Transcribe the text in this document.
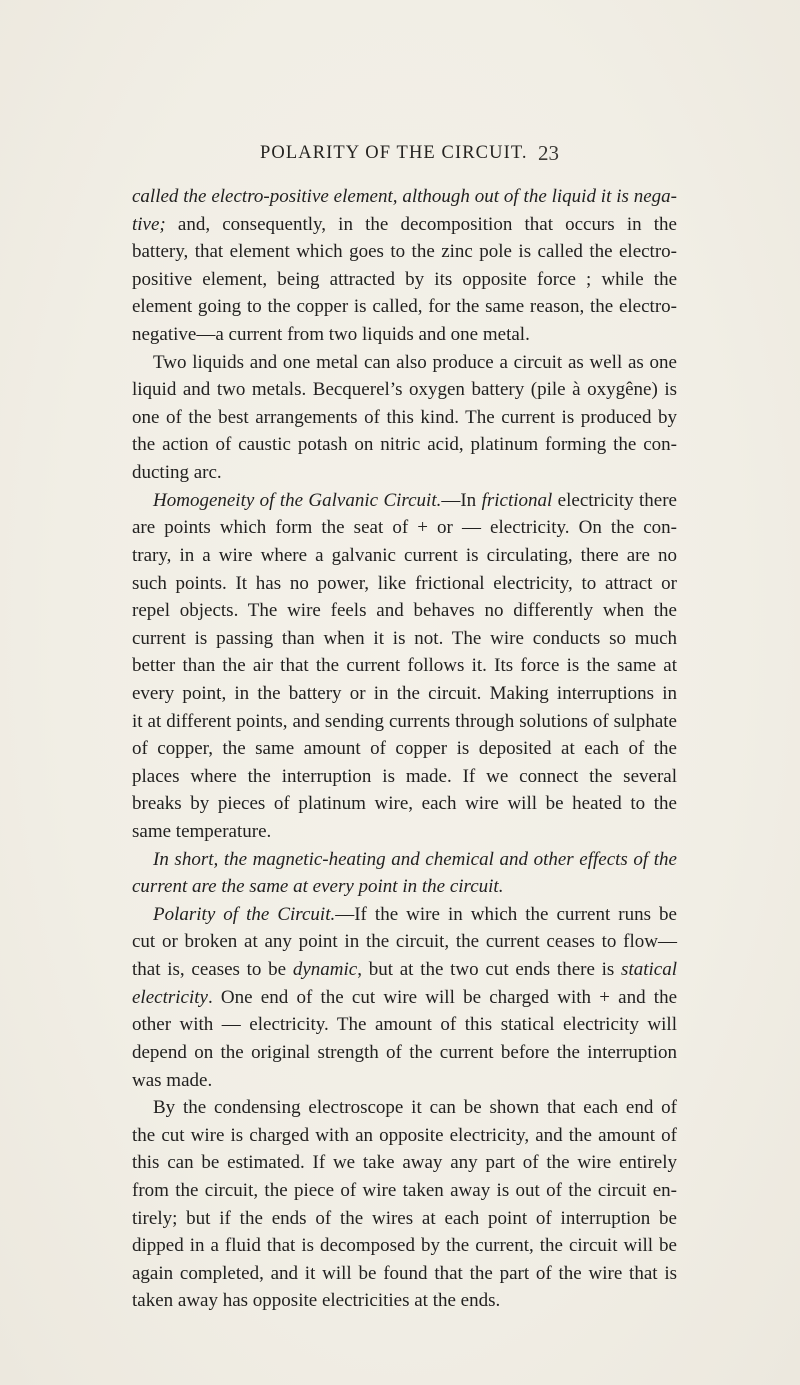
POLARITY OF THE CIRCUIT. 23
called the electro-positive element, although out of the liquid it is nega-
tive; and, consequently, in the decomposition that occurs in the
battery, that element which goes to the zinc pole is called the electro-
positive element, being attracted by its opposite force ; while the
element going to the copper is called, for the same reason, the electro-
negative—a current from two liquids and one metal.
Two liquids and one metal can also produce a circuit as well as one
liquid and two metals. Becquerel’s oxygen battery (pile à oxygêne) is
one of the best arrangements of this kind. The current is produced by
the action of caustic potash on nitric acid, platinum forming the con-
ducting arc.
Homogeneity of the Galvanic Circuit.—In frictional electricity there
are points which form the seat of + or — electricity. On the con-
trary, in a wire where a galvanic current is circulating, there are no
such points. It has no power, like frictional electricity, to attract or
repel objects. The wire feels and behaves no differently when the
current is passing than when it is not. The wire conducts so much
better than the air that the current follows it. Its force is the same at
every point, in the battery or in the circuit. Making interruptions in
it at different points, and sending currents through solutions of sulphate
of copper, the same amount of copper is deposited at each of the
places where the interruption is made. If we connect the several
breaks by pieces of platinum wire, each wire will be heated to the
same temperature.
In short, the magnetic-heating and chemical and other effects of the
current are the same at every point in the circuit.
Polarity of the Circuit.—If the wire in which the current runs be
cut or broken at any point in the circuit, the current ceases to flow—
that is, ceases to be dynamic, but at the two cut ends there is statical
electricity. One end of the cut wire will be charged with + and the
other with — electricity. The amount of this statical electricity will
depend on the original strength of the current before the interruption
was made.
By the condensing electroscope it can be shown that each end of
the cut wire is charged with an opposite electricity, and the amount of
this can be estimated. If we take away any part of the wire entirely
from the circuit, the piece of wire taken away is out of the circuit en-
tirely; but if the ends of the wires at each point of interruption be
dipped in a fluid that is decomposed by the current, the circuit will be
again completed, and it will be found that the part of the wire that is
taken away has opposite electricities at the ends.
